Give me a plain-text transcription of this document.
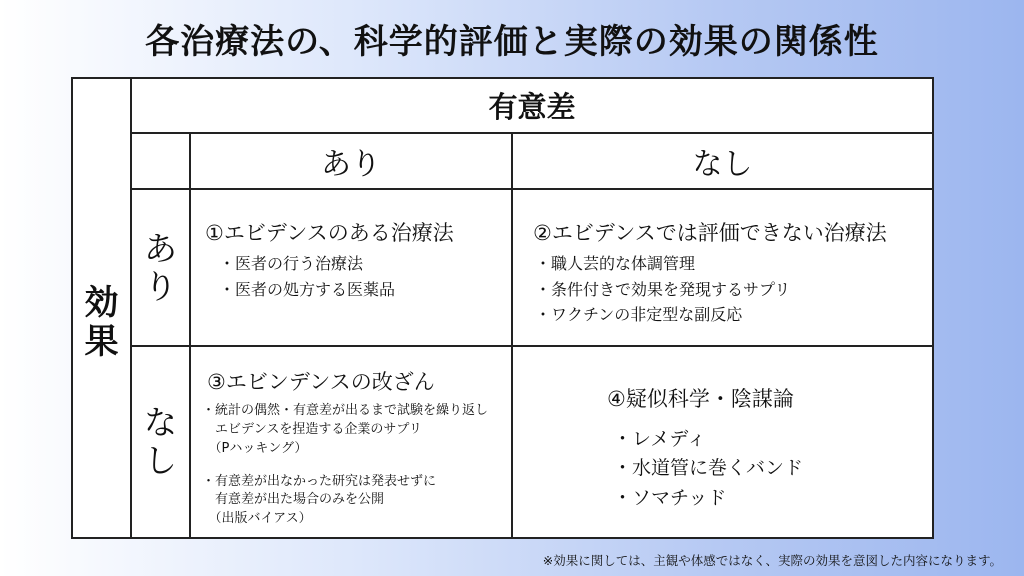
各治療法の、科学的評価と実際の効果の関係性
有意差
あり	なし
効
果
あ
り
な
し
①エビデンスのある治療法
・医者の行う治療法
・医者の処方する医薬品
②エビデンスでは評価できない治療法
・職人芸的な体調管理
・条件付きで効果を発現するサプリ
・ワクチンの非定型な副反応
③エビンデンスの改ざん
・統計の偶然・有意差が出るまで試験を繰り返し
　エビデンスを捏造する企業のサプリ
　（Pハッキング）

・有意差が出なかった研究は発表せずに
　有意差が出た場合のみを公開
　（出版バイアス）
④疑似科学・陰謀論
・レメディ
・水道管に巻くバンド
・ソマチッド
※効果に関しては、主観や体感ではなく、実際の効果を意図した内容になります。
